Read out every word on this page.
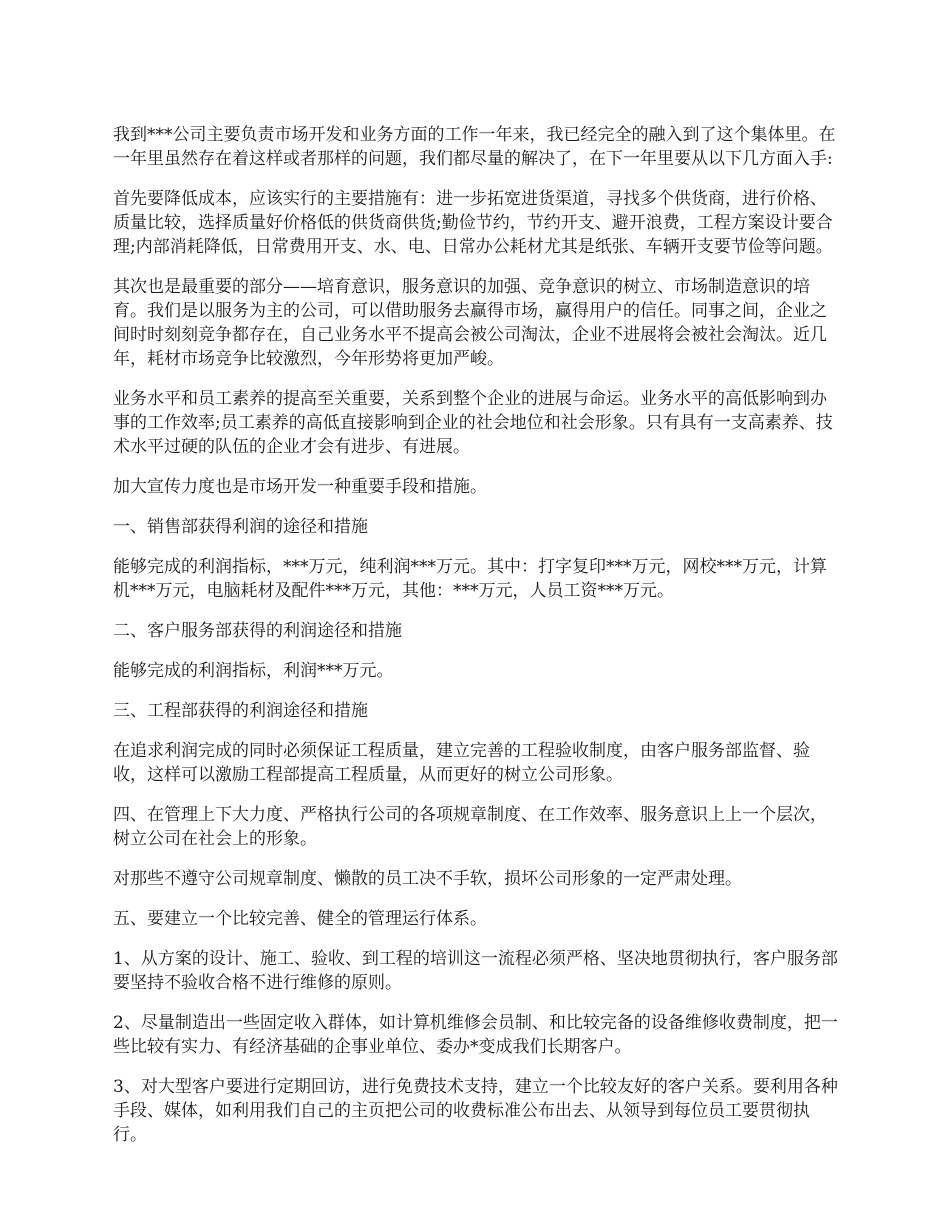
我到***公司主要负责市场开发和业务方面的工作一年来，我已经完全的融入到了这个集体里。在一年里虽然存在着这样或者那样的问题，我们都尽量的解决了，在下一年里要从以下几方面入手:

首先要降低成本，应该实行的主要措施有：进一步拓宽进货渠道，寻找多个供货商，进行价格、质量比较，选择质量好价格低的供货商供货;勤俭节约，节约开支、避开浪费，工程方案设计要合理;内部消耗降低，日常费用开支、水、电、日常办公耗材尤其是纸张、车辆开支要节俭等问题。

其次也是最重要的部分——培育意识，服务意识的加强、竞争意识的树立、市场制造意识的培育。我们是以服务为主的公司，可以借助服务去赢得市场，赢得用户的信任。同事之间，企业之间时时刻刻竞争都存在，自己业务水平不提高会被公司淘汰，企业不进展将会被社会淘汰。近几年，耗材市场竞争比较激烈，今年形势将更加严峻。

业务水平和员工素养的提高至关重要，关系到整个企业的进展与命运。业务水平的高低影响到办事的工作效率;员工素养的高低直接影响到企业的社会地位和社会形象。只有具有一支高素养、技术水平过硬的队伍的企业才会有进步、有进展。

加大宣传力度也是市场开发一种重要手段和措施。

一、销售部获得利润的途径和措施

能够完成的利润指标，***万元，纯利润***万元。其中：打字复印***万元，网校***万元，计算机***万元，电脑耗材及配件***万元，其他：***万元，人员工资***万元。

二、客户服务部获得的利润途径和措施

能够完成的利润指标，利润***万元。

三、工程部获得的利润途径和措施

在追求利润完成的同时必须保证工程质量，建立完善的工程验收制度，由客户服务部监督、验收，这样可以激励工程部提高工程质量，从而更好的树立公司形象。

四、在管理上下大力度、严格执行公司的各项规章制度、在工作效率、服务意识上上一个层次，树立公司在社会上的形象。

对那些不遵守公司规章制度、懒散的员工决不手软，损坏公司形象的一定严肃处理。

五、要建立一个比较完善、健全的管理运行体系。

1、从方案的设计、施工、验收、到工程的培训这一流程必须严格、坚决地贯彻执行，客户服务部要坚持不验收合格不进行维修的原则。

2、尽量制造出一些固定收入群体，如计算机维修会员制、和比较完备的设备维修收费制度，把一些比较有实力、有经济基础的企事业单位、委办*变成我们长期客户。

3、对大型客户要进行定期回访，进行免费技术支持，建立一个比较友好的客户关系。要利用各种手段、媒体，如利用我们自己的主页把公司的收费标准公布出去、从领导到每位员工要贯彻执行。
